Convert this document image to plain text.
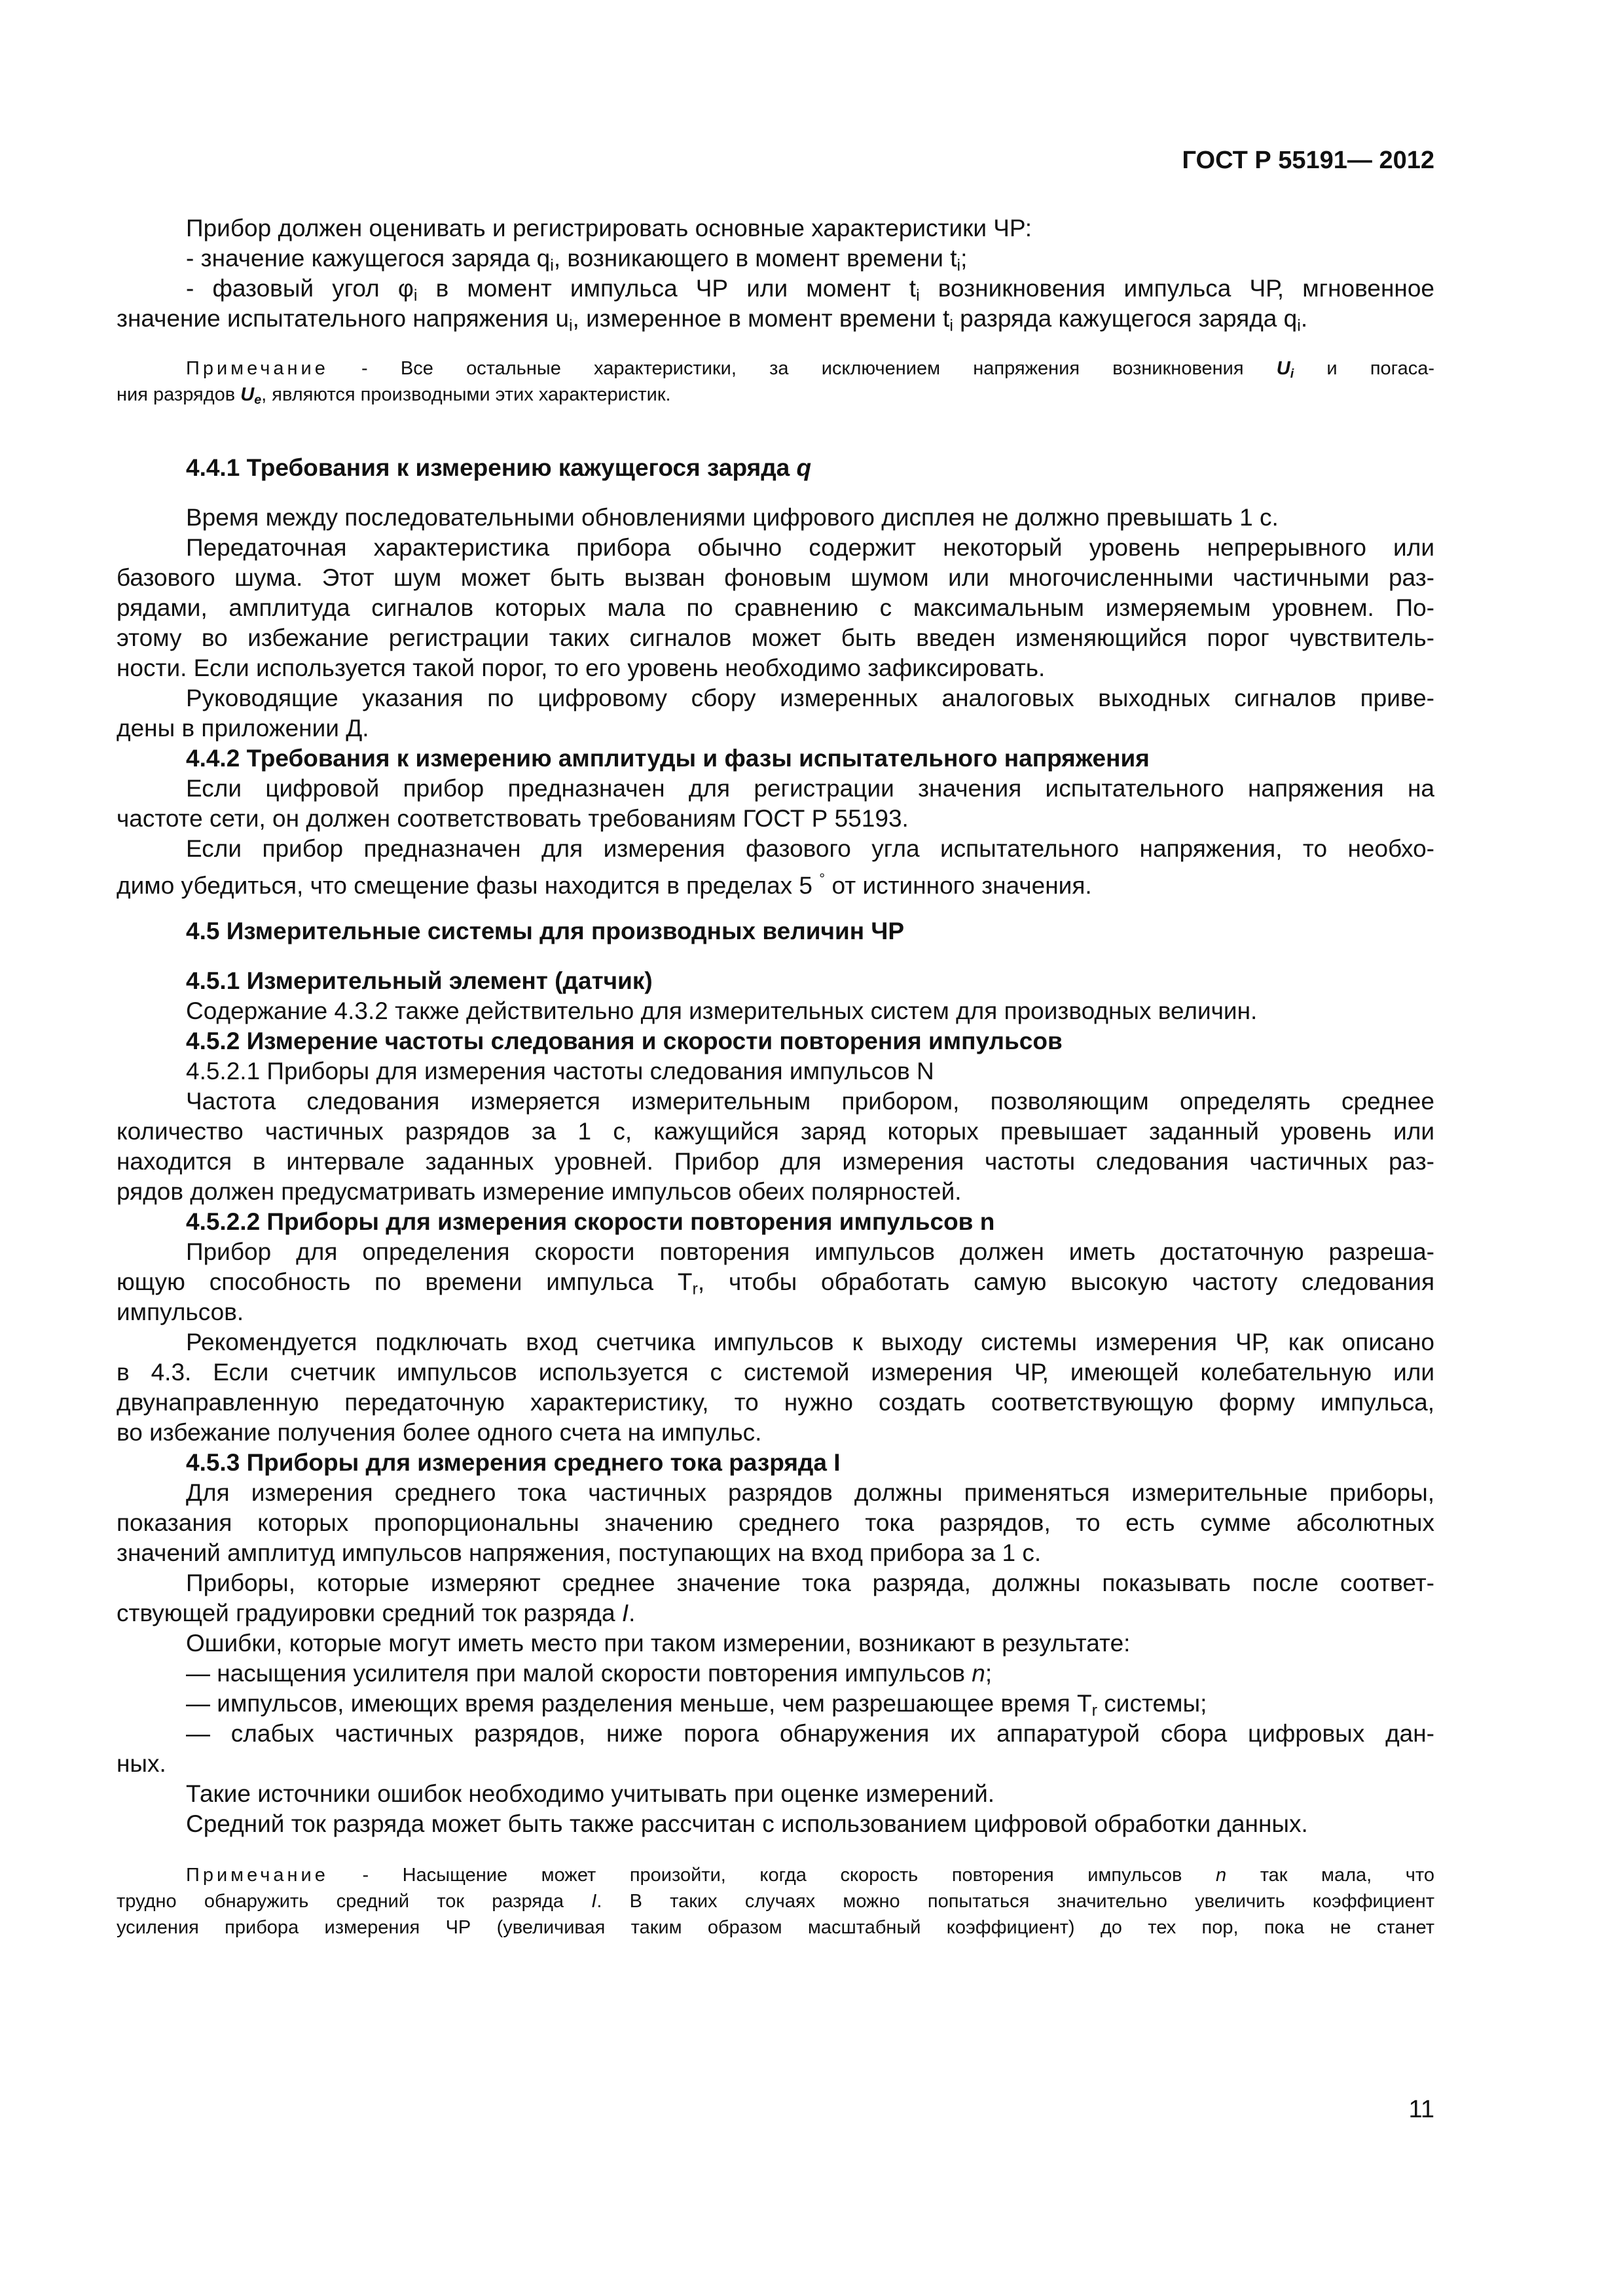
ГОСТ Р 55191— 2012
Прибор должен оценивать и регистрировать основные характеристики ЧР:
- значение кажущегося заряда $q_i$, возникающего в момент времени $t_i$;
- фазовый угол $\varphi_i$ в момент импульса ЧР или момент $t_i$ возникновения импульса ЧР, мгновенное
значение испытательного напряжения $u_i$, измеренное в момент времени $t_i$ разряда кажущегося заряда $q_i$.
Примечание - Все остальные характеристики, за исключением напряжения возникновения $U_i$ и погаса-
ния разрядов $U_e$, являются производными этих характеристик.
4.4.1 Требования к измерению кажущегося заряда q
Время между последовательными обновлениями цифрового дисплея не должно превышать 1 с.
Передаточная характеристика прибора обычно содержит некоторый уровень непрерывного или
базового шума. Этот шум может быть вызван фоновым шумом или многочисленными частичными раз-
рядами, амплитуда сигналов которых мала по сравнению с максимальным измеряемым уровнем. По-
этому во избежание регистрации таких сигналов может быть введен изменяющийся порог чувствитель-
ности. Если используется такой порог, то его уровень необходимо зафиксировать.
Руководящие указания по цифровому сбору измеренных аналоговых выходных сигналов приве-
дены в приложении Д.
4.4.2 Требования к измерению амплитуды и фазы испытательного напряжения
Если цифровой прибор предназначен для регистрации значения испытательного напряжения на
частоте сети, он должен соответствовать требованиям ГОСТ Р 55193.
Если прибор предназначен для измерения фазового угла испытательного напряжения, то необхо-
димо убедиться, что смещение фазы находится в пределах 5 ° от истинного значения.
4.5 Измерительные системы для производных величин ЧР
4.5.1 Измерительный элемент (датчик)
Содержание 4.3.2 также действительно для измерительных систем для производных величин.
4.5.2 Измерение частоты следования и скорости повторения импульсов
4.5.2.1 Приборы для измерения частоты следования импульсов N
Частота следования измеряется измерительным прибором, позволяющим определять среднее
количество частичных разрядов за 1 с, кажущийся заряд которых превышает заданный уровень или
находится в интервале заданных уровней. Прибор для измерения частоты следования частичных раз-
рядов должен предусматривать измерение импульсов обеих полярностей.
4.5.2.2 Приборы для измерения скорости повторения импульсов n
Прибор для определения скорости повторения импульсов должен иметь достаточную разреша-
ющую способность по времени импульса $T_r$, чтобы обработать самую высокую частоту следования
импульсов.
Рекомендуется подключать вход счетчика импульсов к выходу системы измерения ЧР, как описано
в 4.3. Если счетчик импульсов используется с системой измерения ЧР, имеющей колебательную или
двунаправленную передаточную характеристику, то нужно создать соответствующую форму импульса,
во избежание получения более одного счета на импульс.
4.5.3 Приборы для измерения среднего тока разряда I
Для измерения среднего тока частичных разрядов должны применяться измерительные приборы,
показания которых пропорциональны значению среднего тока разрядов, то есть сумме абсолютных
значений амплитуд импульсов напряжения, поступающих на вход прибора за 1 с.
Приборы, которые измеряют среднее значение тока разряда, должны показывать после соответ-
ствующей градуировки средний ток разряда I.
Ошибки, которые могут иметь место при таком измерении, возникают в результате:
— насыщения усилителя при малой скорости повторения импульсов n;
— импульсов, имеющих время разделения меньше, чем разрешающее время $T_r$ системы;
— слабых частичных разрядов, ниже порога обнаружения их аппаратурой сбора цифровых дан-
ных.
Такие источники ошибок необходимо учитывать при оценке измерений.
Средний ток разряда может быть также рассчитан с использованием цифровой обработки данных.
Примечание - Насыщение может произойти, когда скорость повторения импульсов n так мала, что
трудно обнаружить средний ток разряда I. В таких случаях можно попытаться значительно увеличить коэффициент
усиления прибора измерения ЧР (увеличивая таким образом масштабный коэффициент) до тех пор, пока не станет
11
